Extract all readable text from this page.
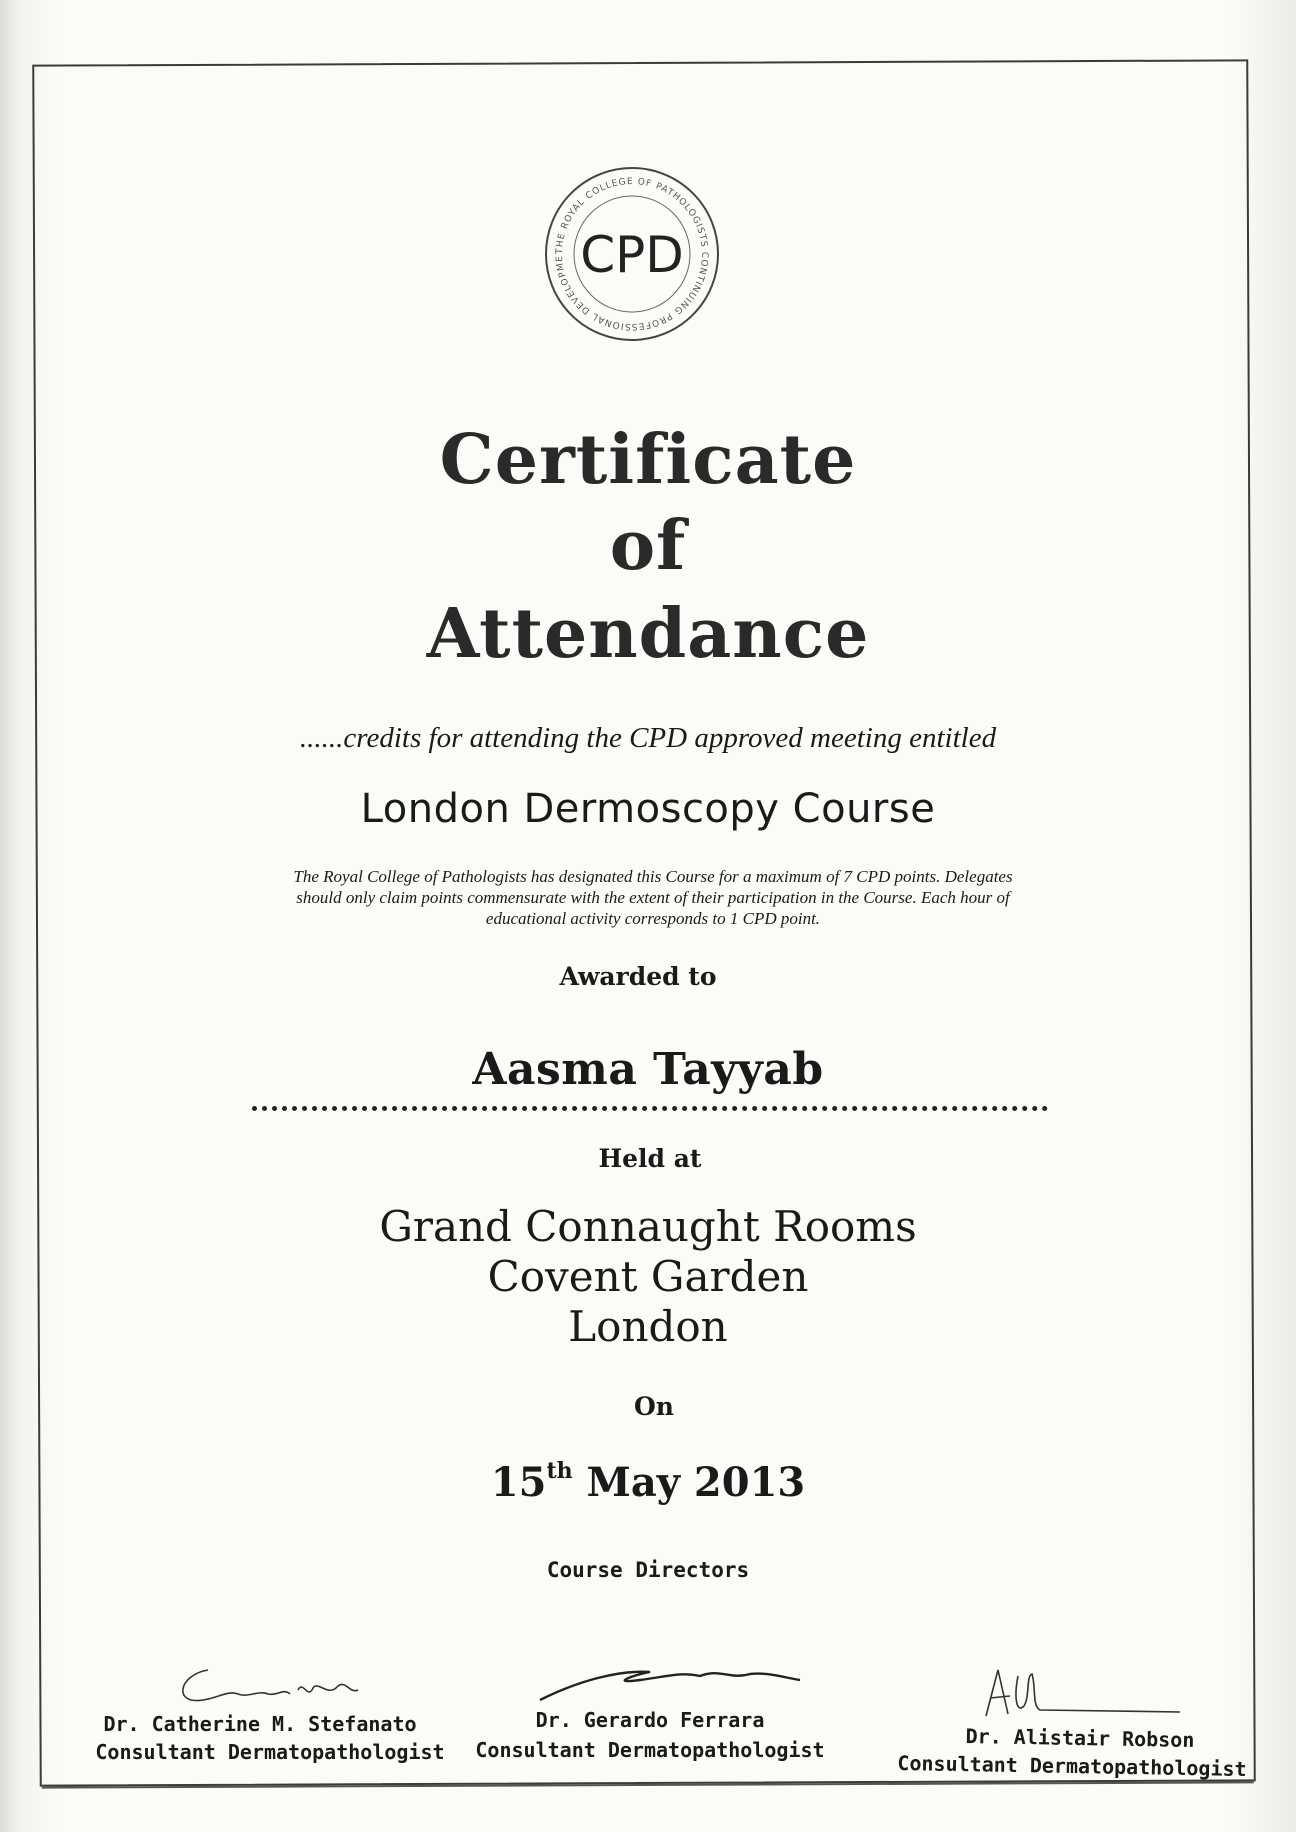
THE ROYAL COLLEGE OF PATHOLOGISTS CONTINUING PROFESSIONAL DEVELOPME CPD
Certificate
of
Attendance
......credits for attending the CPD approved meeting entitled
London Dermoscopy Course
The Royal College of Pathologists has designated this Course for a maximum of 7 CPD points. Delegates
should only claim points commensurate with the extent of their participation in the Course. Each hour of
educational activity corresponds to 1 CPD point.
Awarded to
Aasma Tayyab
Held at
Grand Connaught Rooms
Covent Garden
London
On
15th May 2013
Course Directors
Dr. Catherine M. Stefanato
Consultant Dermatopathologist
Dr. Gerardo Ferrara
Consultant Dermatopathologist	Dr. Alistair Robson
Consultant Dermatopathologist
